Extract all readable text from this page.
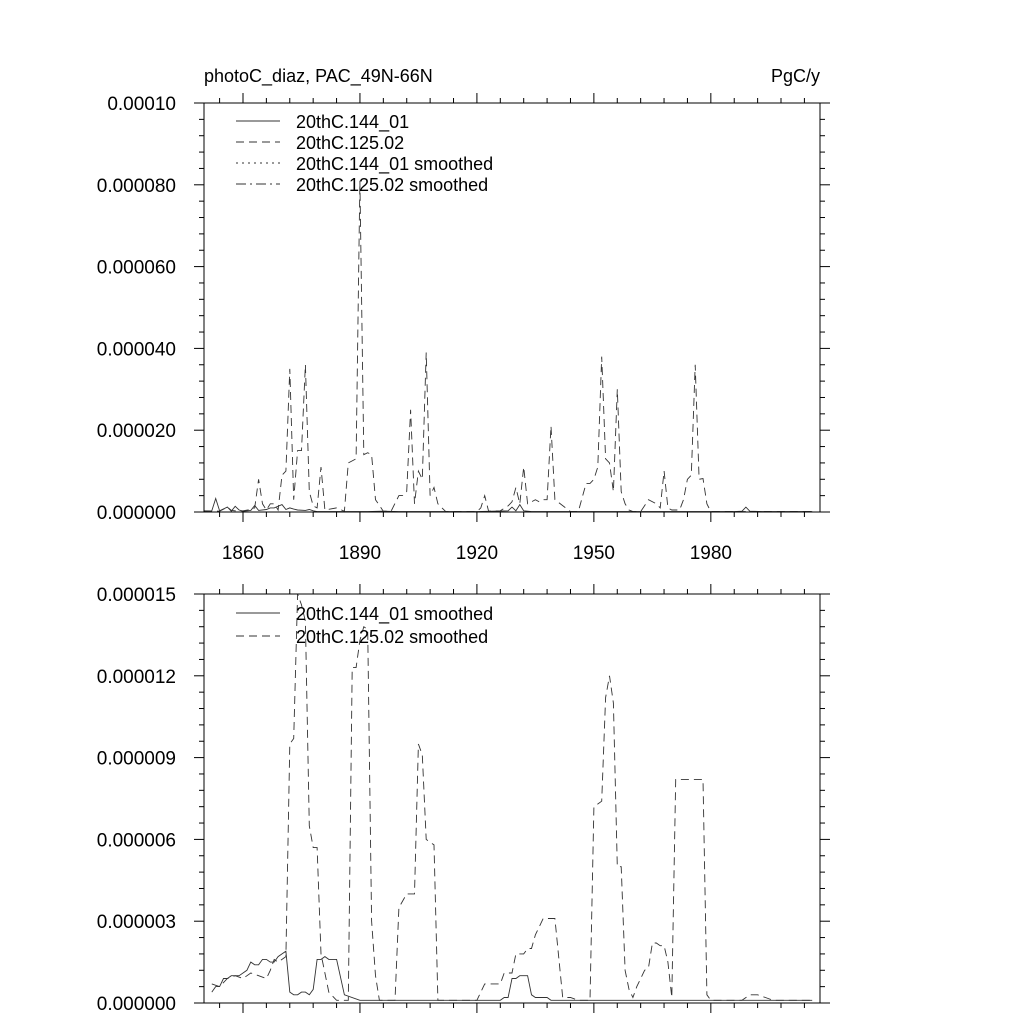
photoC_diaz, PAC_49N-66N	PgC/y
0.000000
0.000020
0.000040
0.000060
0.000080
0.00010
1860	1890	1920	1950	1980
20thC.144_01
20thC.125.02
20thC.144_01 smoothed
20thC.125.02 smoothed
0.000000
0.000003
0.000006
0.000009
0.000012
0.000015
20thC.144_01 smoothed
20thC.125.02 smoothed
